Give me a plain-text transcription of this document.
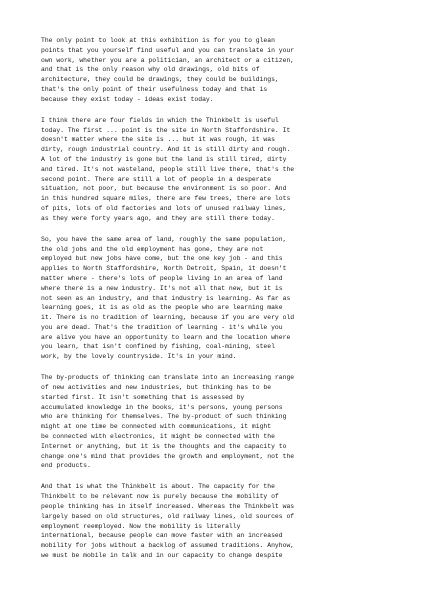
The only point to look at this exhibition is for you to glean
points that you yourself find useful and you can translate in your
own work, whether you are a politician, an architect or a citizen,
and that is the only reason why old drawings, old bits of
architecture, they could be drawings, they could be buildings,
that's the only point of their usefulness today and that is
because they exist today - ideas exist today.

I think there are four fields in which the Thinkbelt is useful
today. The first ... point is the site in North Staffordshire. It
doesn't matter where the site is ... but it was rough, it was
dirty, rough industrial country. And it is still dirty and rough.
A lot of the industry is gone but the land is still tired, dirty
and tired. It's not wasteland, people still live there, that's the
second point. There are still a lot of people in a desperate
situation, not poor, but because the environment is so poor. And
in this hundred square miles, there are few trees, there are lots
of pits, lots of old factories and lots of unused railway lines,
as they were forty years ago, and they are still there today.

So, you have the same area of land, roughly the same population,
the old jobs and the old employment has gone, they are not
employed but new jobs have come, but the one key job - and this
applies to North Staffordshire, North Detroit, Spain, it doesn't
matter where - there's lots of people living in an area of land
where there is a new industry. It's not all that new, but it is
not seen as an industry, and that industry is learning. As far as
learning goes, it is as old as the people who are learning make
it. There is no tradition of learning, because if you are very old
you are dead. That's the tradition of learning - it's while you
are alive you have an opportunity to learn and the location where
you learn, that isn't confined by fishing, coal-mining, steel
work, by the lovely countryside. It's in your mind.

The by-products of thinking can translate into an increasing range
of new activities and new industries, but thinking has to be
started first. It isn't something that is assessed by
accumulated knowledge in the books, it's persons, young persons
who are thinking for themselves. The by-product of such thinking
might at one time be connected with communications, it might
be connected with electronics, it might be connected with the
Internet or anything, but it is the thoughts and the capacity to
change one's mind that provides the growth and employment, not the
end products.

And that is what the Thinkbelt is about. The capacity for the
Thinkbelt to be relevant now is purely because the mobility of
people thinking has in itself increased. Whereas the Thinkbelt was
largely based on old structures, old railway lines, old sources of
employment reemployed. Now the mobility is literally
international, because people can move faster with an increased
mobility for jobs without a backlog of assumed traditions. Anyhow,
we must be mobile in talk and in our capacity to change despite
